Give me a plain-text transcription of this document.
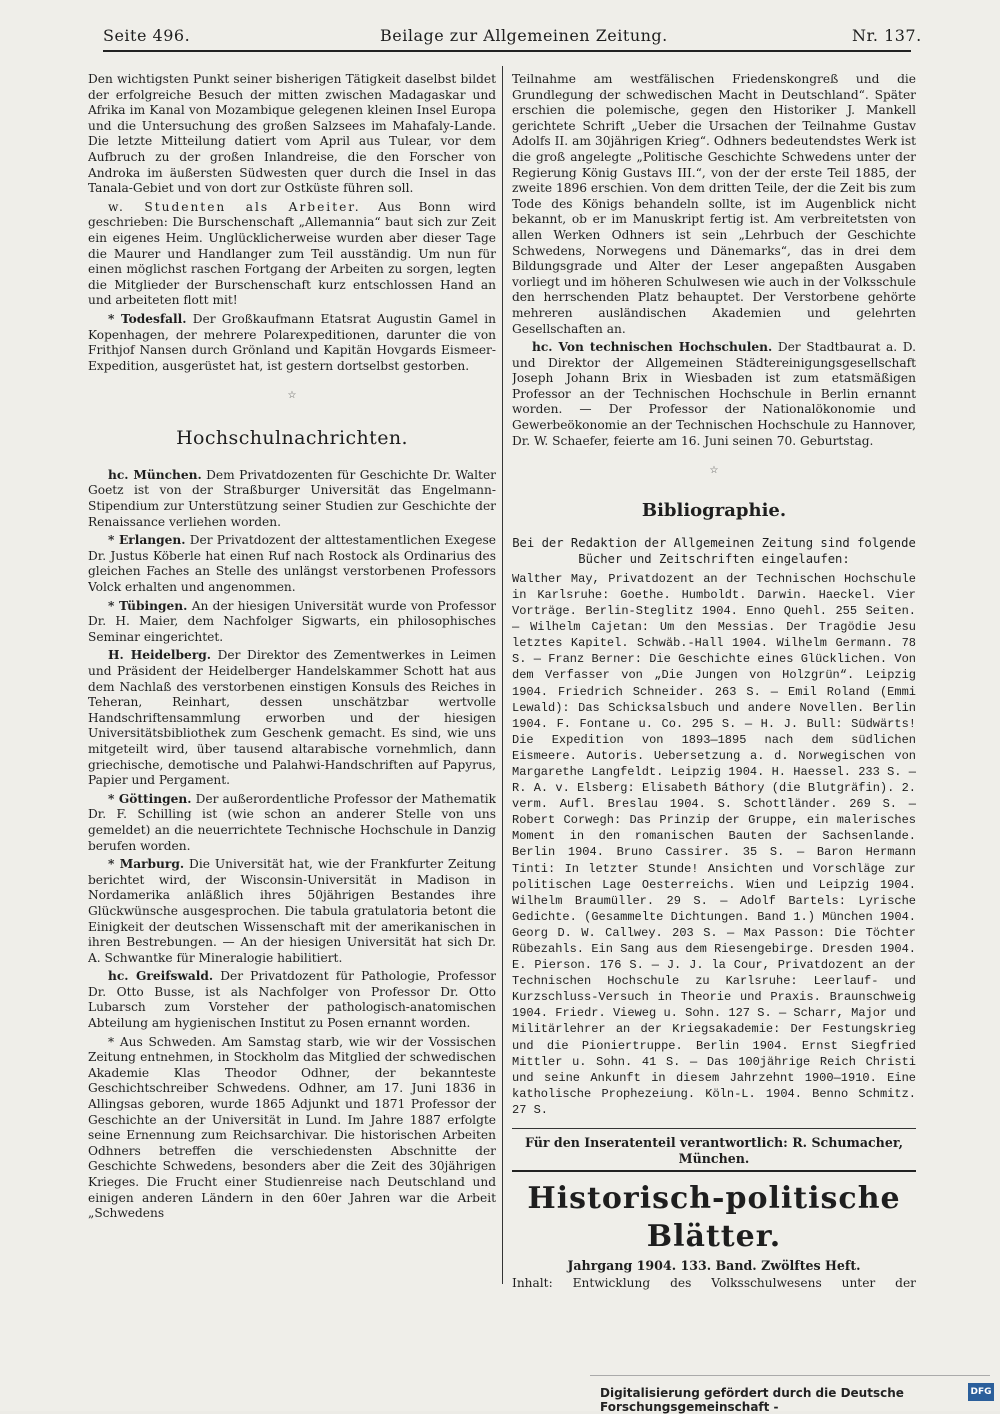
Seite 496.	Beilage zur Allgemeinen Zeitung.	Nr. 137.

Den wichtigsten Punkt seiner bisherigen Tätigkeit daselbst bildet der erfolgreiche Besuch der mitten zwischen Madagaskar und Afrika im Kanal von Mozambique gelegenen kleinen Insel Europa und die Untersuchung des großen Salzsees im Mahafaly-Lande. Die letzte Mitteilung datiert vom April aus Tulear, vor dem Aufbruch zu der großen Inlandreise, die den Forscher von Androka im äußersten Südwesten quer durch die Insel in das Tanala-Gebiet und von dort zur Ostküste führen soll.

w. Studenten als Arbeiter. Aus Bonn wird geschrieben: Die Burschenschaft „Allemannia“ baut sich zur Zeit ein eigenes Heim. Unglücklicherweise wurden aber dieser Tage die Maurer und Handlanger zum Teil ausständig. Um nun für einen möglichst raschen Fortgang der Arbeiten zu sorgen, legten die Mitglieder der Burschenschaft kurz entschlossen Hand an und arbeiteten flott mit!

* Todesfall. Der Großkaufmann Etatsrat Augustin Gamel in Kopenhagen, der mehrere Polarexpeditionen, darunter die von Frithjof Nansen durch Grönland und Kapitän Hovgards Eismeer-Expedition, ausgerüstet hat, ist gestern dortselbst gestorben.

☆
Hochschulnachrichten.

hc. München. Dem Privatdozenten für Geschichte Dr. Walter Goetz ist von der Straßburger Universität das Engelmann-Stipendium zur Unterstützung seiner Studien zur Geschichte der Renaissance verliehen worden.

* Erlangen. Der Privatdozent der alttestamentlichen Exegese Dr. Justus Köberle hat einen Ruf nach Rostock als Ordinarius des gleichen Faches an Stelle des unlängst verstorbenen Professors Volck erhalten und angenommen.

* Tübingen. An der hiesigen Universität wurde von Professor Dr. H. Maier, dem Nachfolger Sigwarts, ein philosophisches Seminar eingerichtet.

H. Heidelberg. Der Direktor des Zementwerkes in Leimen und Präsident der Heidelberger Handelskammer Schott hat aus dem Nachlaß des verstorbenen einstigen Konsuls des Reiches in Teheran, Reinhart, dessen unschätzbar wertvolle Handschriftensammlung erworben und der hiesigen Universitätsbibliothek zum Geschenk gemacht. Es sind, wie uns mitgeteilt wird, über tausend altarabische vornehmlich, dann griechische, demotische und Palahwi-Handschriften auf Papyrus, Papier und Pergament.

* Göttingen. Der außerordentliche Professor der Mathematik Dr. F. Schilling ist (wie schon an anderer Stelle von uns gemeldet) an die neuerrichtete Technische Hochschule in Danzig berufen worden.

* Marburg. Die Universität hat, wie der Frankfurter Zeitung berichtet wird, der Wisconsin-Universität in Madison in Nordamerika anläßlich ihres 50jährigen Bestandes ihre Glückwünsche ausgesprochen. Die tabula gratulatoria betont die Einigkeit der deutschen Wissenschaft mit der amerikanischen in ihren Bestrebungen. — An der hiesigen Universität hat sich Dr. A. Schwantke für Mineralogie habilitiert.

hc. Greifswald. Der Privatdozent für Pathologie, Professor Dr. Otto Busse, ist als Nachfolger von Professor Dr. Otto Lubarsch zum Vorsteher der pathologisch-anatomischen Abteilung am hygienischen Institut zu Posen ernannt worden.

* Aus Schweden. Am Samstag starb, wie wir der Vossischen Zeitung entnehmen, in Stockholm das Mitglied der schwedischen Akademie Klas Theodor Odhner, der bekannteste Geschichtschreiber Schwedens. Odhner, am 17. Juni 1836 in Allingsas geboren, wurde 1865 Adjunkt und 1871 Professor der Geschichte an der Universität in Lund. Im Jahre 1887 erfolgte seine Ernennung zum Reichsarchivar. Die historischen Arbeiten Odhners betreffen die verschiedensten Abschnitte der Geschichte Schwedens, besonders aber die Zeit des 30jährigen Krieges. Die Frucht einer Studienreise nach Deutschland und einigen anderen Ländern in den 60er Jahren war die Arbeit „Schwedens

Teilnahme am westfälischen Friedenskongreß und die Grundlegung der schwedischen Macht in Deutschland“. Später erschien die polemische, gegen den Historiker J. Mankell gerichtete Schrift „Ueber die Ursachen der Teilnahme Gustav Adolfs II. am 30jährigen Krieg“. Odhners bedeutendstes Werk ist die groß angelegte „Politische Geschichte Schwedens unter der Regierung König Gustavs III.“, von der der erste Teil 1885, der zweite 1896 erschien. Von dem dritten Teile, der die Zeit bis zum Tode des Königs behandeln sollte, ist im Augenblick nicht bekannt, ob er im Manuskript fertig ist. Am verbreitetsten von allen Werken Odhners ist sein „Lehrbuch der Geschichte Schwedens, Norwegens und Dänemarks“, das in drei dem Bildungsgrade und Alter der Leser angepaßten Ausgaben vorliegt und im höheren Schulwesen wie auch in der Volksschule den herrschenden Platz behauptet. Der Verstorbene gehörte mehreren ausländischen Akademien und gelehrten Gesellschaften an.

hc. Von technischen Hochschulen. Der Stadtbaurat a. D. und Direktor der Allgemeinen Städtereinigungsgesellschaft Joseph Johann Brix in Wiesbaden ist zum etatsmäßigen Professor an der Technischen Hochschule in Berlin ernannt worden. — Der Professor der Nationalökonomie und Gewerbeökonomie an der Technischen Hochschule zu Hannover, Dr. W. Schaefer, feierte am 16. Juni seinen 70. Geburtstag.

☆
Bibliographie.

Bei der Redaktion der Allgemeinen Zeitung sind folgende Bücher und Zeitschriften eingelaufen:

Walther May, Privatdozent an der Technischen Hochschule in Karlsruhe: Goethe. Humboldt. Darwin. Haeckel. Vier Vorträge. Berlin-Steglitz 1904. Enno Quehl. 255 Seiten. — Wilhelm Cajetan: Um den Messias. Der Tragödie Jesu letztes Kapitel. Schwäb.-Hall 1904. Wilhelm Germann. 78 S. — Franz Berner: Die Geschichte eines Glücklichen. Von dem Verfasser von „Die Jungen von Holzgrün“. Leipzig 1904. Friedrich Schneider. 263 S. — Emil Roland (Emmi Lewald): Das Schicksalsbuch und andere Novellen. Berlin 1904. F. Fontane u. Co. 295 S. — H. J. Bull: Südwärts! Die Expedition von 1893—1895 nach dem südlichen Eismeere. Autoris. Uebersetzung a. d. Norwegischen von Margarethe Langfeldt. Leipzig 1904. H. Haessel. 233 S. — R. A. v. Elsberg: Elisabeth Báthory (die Blutgräfin). 2. verm. Aufl. Breslau 1904. S. Schottländer. 269 S. — Robert Corwegh: Das Prinzip der Gruppe, ein malerisches Moment in den romanischen Bauten der Sachsenlande. Berlin 1904. Bruno Cassirer. 35 S. — Baron Hermann Tinti: In letzter Stunde! Ansichten und Vorschläge zur politischen Lage Oesterreichs. Wien und Leipzig 1904. Wilhelm Braumüller. 29 S. — Adolf Bartels: Lyrische Gedichte. (Gesammelte Dichtungen. Band 1.) München 1904. Georg D. W. Callwey. 203 S. — Max Passon: Die Töchter Rübezahls. Ein Sang aus dem Riesengebirge. Dresden 1904. E. Pierson. 176 S. — J. J. la Cour, Privatdozent an der Technischen Hochschule zu Karlsruhe: Leerlauf- und Kurzschluss-Versuch in Theorie und Praxis. Braunschweig 1904. Friedr. Vieweg u. Sohn. 127 S. — Scharr, Major und Militärlehrer an der Kriegsakademie: Der Festungskrieg und die Pioniertruppe. Berlin 1904. Ernst Siegfried Mittler u. Sohn. 41 S. — Das 100jährige Reich Christi und seine Ankunft in diesem Jahrzehnt 1900—1910. Eine katholische Prophezeiung. Köln-L. 1904. Benno Schmitz. 27 S.

Für den Inseratenteil verantwortlich: R. Schumacher, München.

Historisch-politische Blätter.

Jahrgang 1904. 133. Band. Zwölftes Heft.

Inhalt: Entwicklung des Volksschulwesens unter der

Digitalisierung gefördert durch die Deutsche Forschungsgemeinschaft -
DFG
